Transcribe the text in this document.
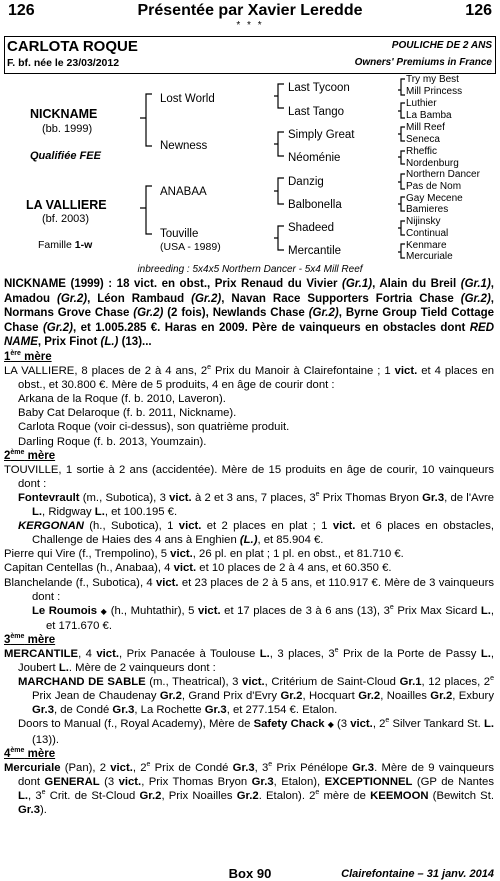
126	Présentée par Xavier Leredde	126
* * *
CARLOTA ROQUE
F. bf. née le 23/03/2012
POULICHE DE 2 ANS
Owners' Premiums in France
NICKNAME
(bb. 1999)
Qualifiée FEE
LA VALLIERE
(bf. 2003)
Famille 1-w
Lost World
Newness
ANABAA
Touville
(USA - 1989)
Last Tycoon
Last Tango
Simply Great
Néoménie
Danzig
Balbonella
Shadeed
Mercantile
Try my Best
Mill Princess
Luthier
La Bamba
Mill Reef
Seneca
Rheffic
Nordenburg
Northern Dancer
Pas de Nom
Gay Mecene
Bamieres
Nijinsky
Continual
Kenmare
Mercuriale
inbreeding : 5x4x5 Northern Dancer - 5x4 Mill Reef
NICKNAME (1999) : 18 vict. en obst., Prix Renaud du Vivier (Gr.1), Alain du Breil (Gr.1), Amadou (Gr.2), Léon Rambaud (Gr.2), Navan Race Supporters Fortria Chase (Gr.2), Normans Grove Chase (Gr.2) (2 fois), Newlands Chase (Gr.2), Byrne Group Tield Cottage Chase (Gr.2), et 1.005.285 €. Haras en 2009. Père de vainqueurs en obstacles dont RED NAME, Prix Finot (L.) (13)...

1ère mère

LA VALLIERE, 8 places de 2 à 4 ans, 2e Prix du Manoir à Clairefontaine ; 1 vict. et 4 places en obst., et 30.800 €. Mère de 5 produits, 4 en âge de courir dont :

Arkana de la Roque (f. b. 2010, Laveron).

Baby Cat Delaroque (f. b. 2011, Nickname).

Carlota Roque (voir ci-dessus), son quatrième produit.

Darling Roque (f. b. 2013, Youmzain).

2ème mère

TOUVILLE, 1 sortie à 2 ans (accidentée). Mère de 15 produits en âge de courir, 10 vainqueurs dont :

Fontevrault (m., Subotica), 3 vict. à 2 et 3 ans, 7 places, 3e Prix Thomas Bryon Gr.3, de l'Avre L., Ridgway L., et 100.195 €.

KERGONAN (h., Subotica), 1 vict. et 2 places en plat ; 1 vict. et 6 places en obstacles, Challenge de Haies des 4 ans à Enghien (L.), et 85.904 €.

Pierre qui Vire (f., Trempolino), 5 vict., 26 pl. en plat ; 1 pl. en obst., et 81.710 €.

Capitan Centellas (h., Anabaa), 4 vict. et 10 places de 2 à 4 ans, et 60.350 €.

Blanchelande (f., Subotica), 4 vict. et 23 places de 2 à 5 ans, et 110.917 €. Mère de 3 vainqueurs dont :

Le Roumois ◆ (h., Muhtathir), 5 vict. et 17 places de 3 à 6 ans (13), 3e Prix Max Sicard L., et 171.670 €.

3ème mère

MERCANTILE, 4 vict., Prix Panacée à Toulouse L., 3 places, 3e Prix de la Porte de Passy L., Joubert L.. Mère de 2 vainqueurs dont :

MARCHAND DE SABLE (m., Theatrical), 3 vict., Critérium de Saint-Cloud Gr.1, 12 places, 2e Prix Jean de Chaudenay Gr.2, Grand Prix d'Evry Gr.2, Hocquart Gr.2, Noailles Gr.2, Exbury Gr.3, de Condé Gr.3, La Rochette Gr.3, et 277.154 €. Etalon.

Doors to Manual (f., Royal Academy), Mère de Safety Chack ◆ (3 vict., 2e Silver Tankard St. L. (13)).

4ème mère

Mercuriale (Pan), 2 vict., 2e Prix de Condé Gr.3, 3e Prix Pénélope Gr.3. Mère de 9 vainqueurs dont GENERAL (3 vict., Prix Thomas Bryon Gr.3, Etalon), EXCEPTIONNEL (GP de Nantes L., 3e Crit. de St-Cloud Gr.2, Prix Noailles Gr.2. Etalon). 2e mère de KEEMOON (Bewitch St. Gr.3).

Box 90	Clairefontaine – 31 janv. 2014
